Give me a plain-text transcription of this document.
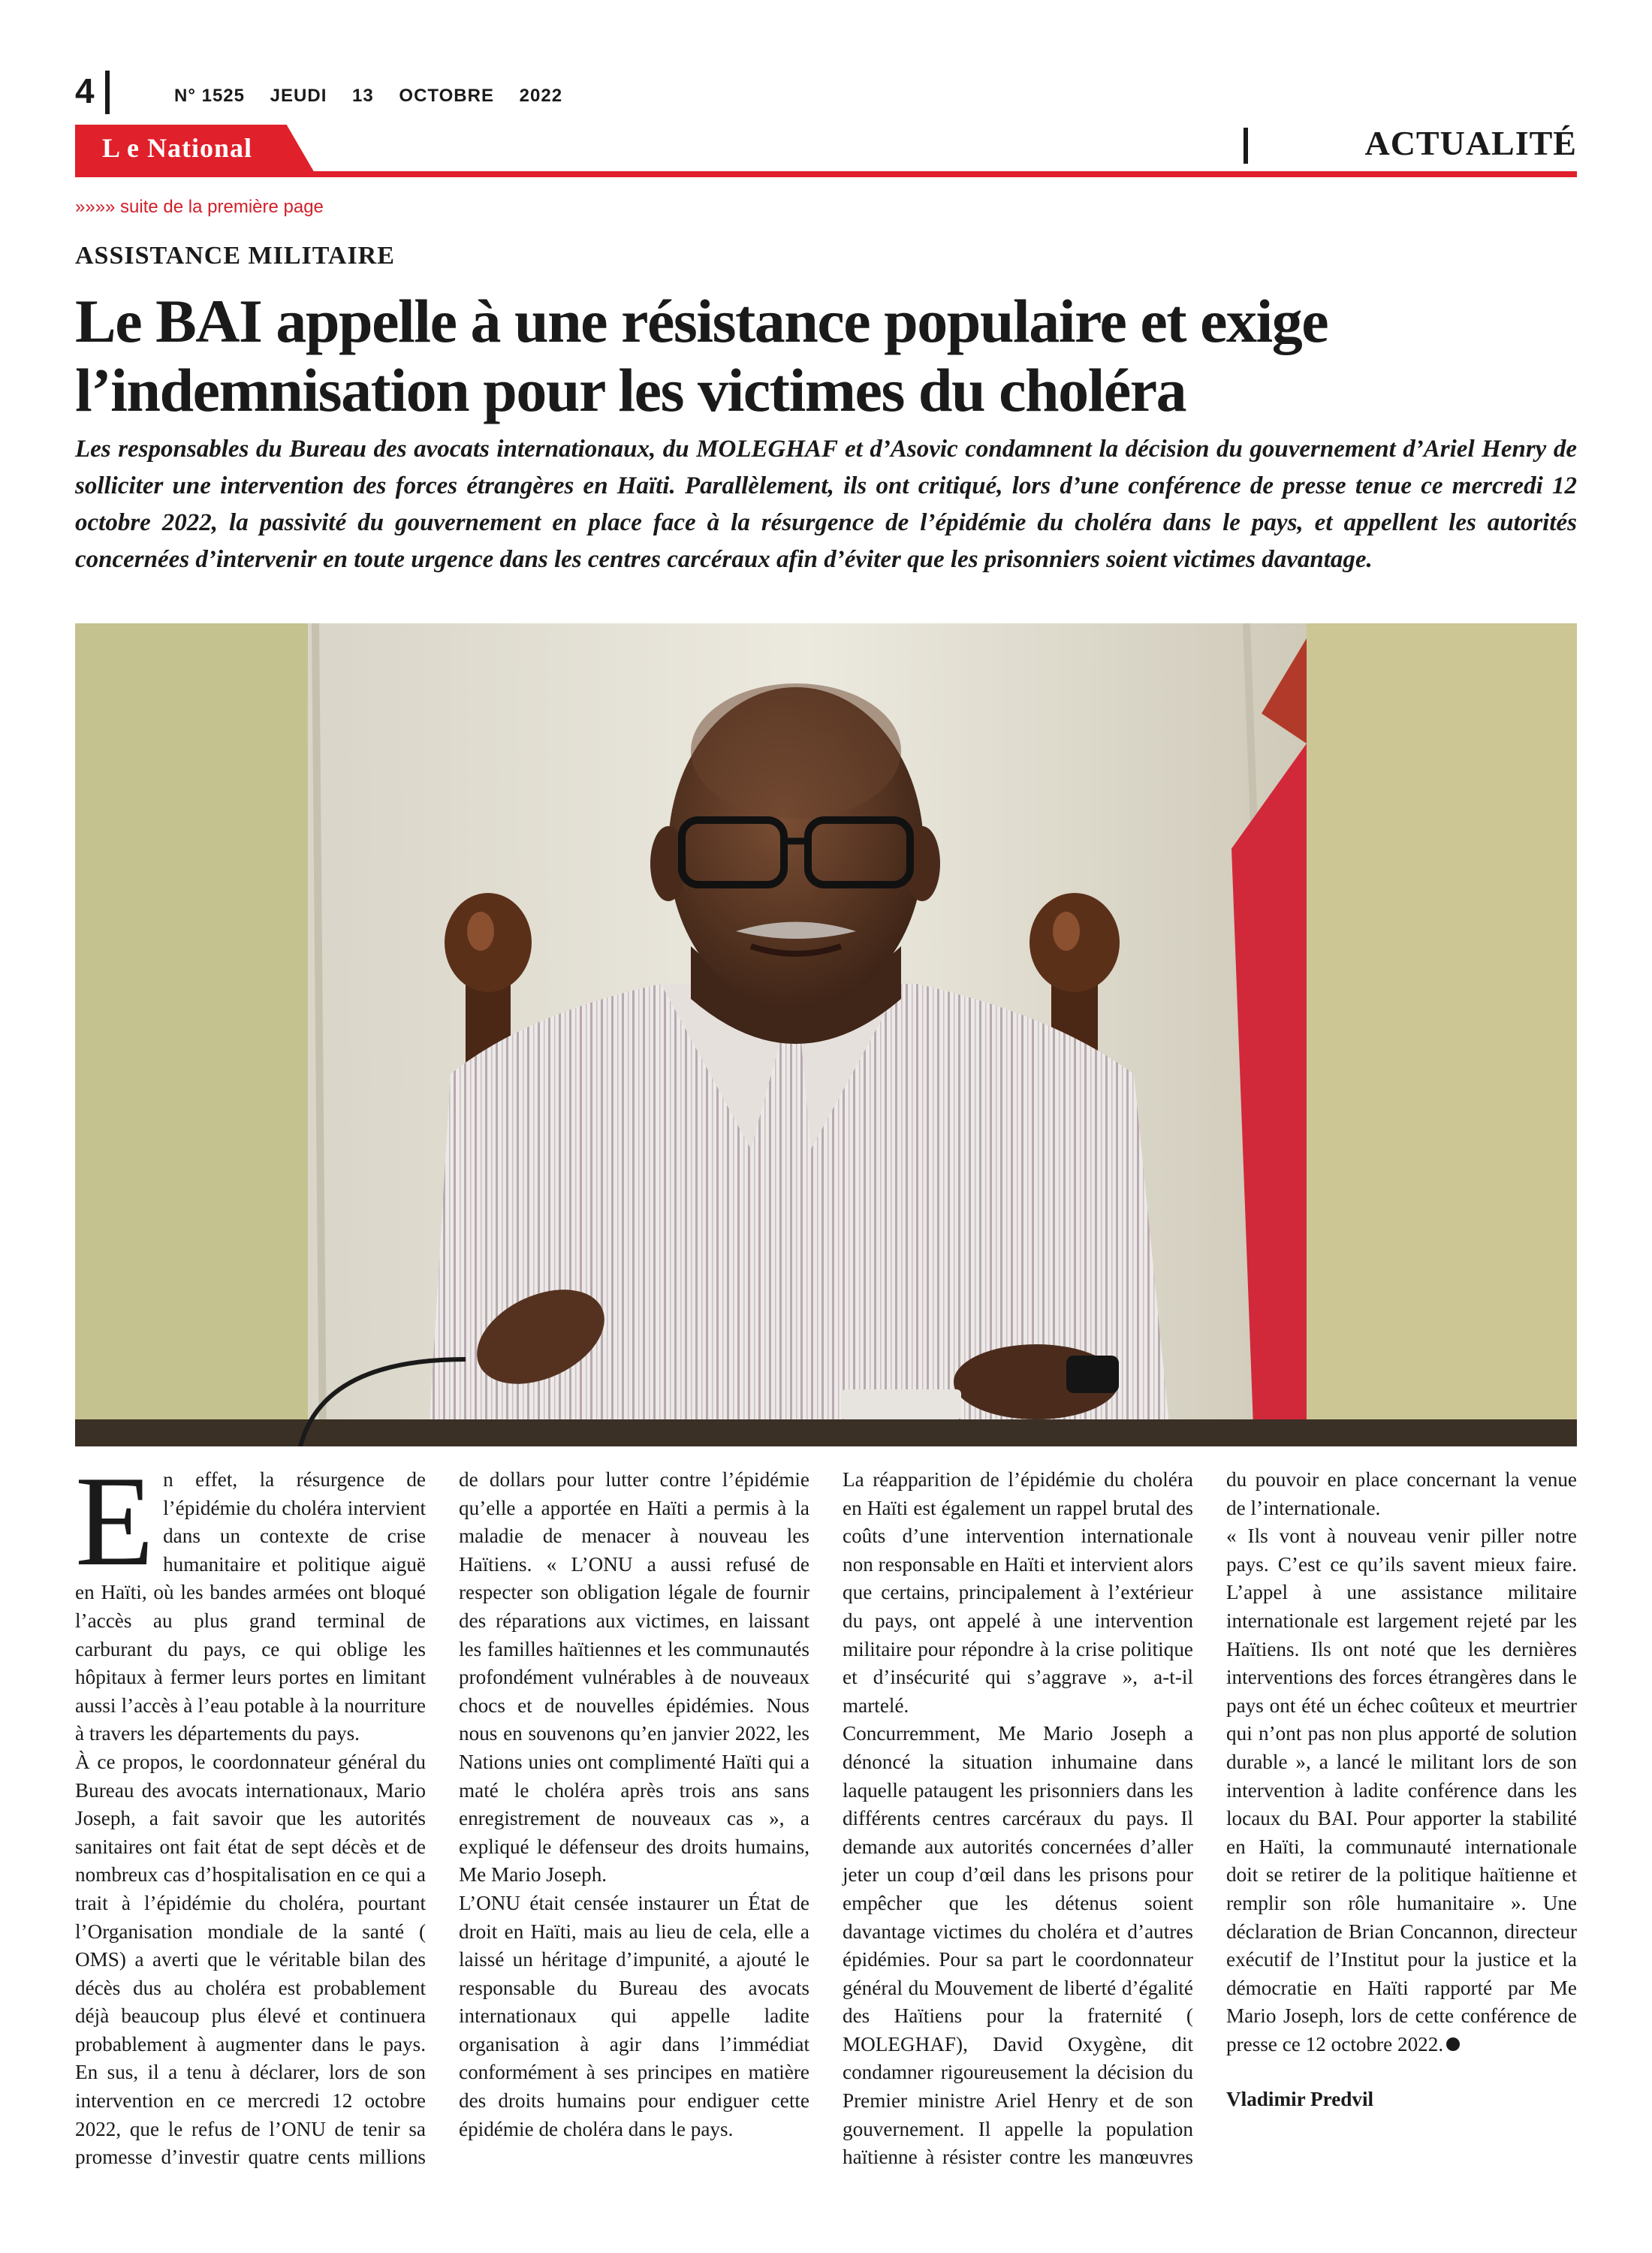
4	N° 1525 JEUDI 13 OCTOBRE 2022
L e National	ACTUALITÉ
»»»» suite de la première page
ASSISTANCE MILITAIRE
Le BAI appelle à une résistance populaire et exige
l’indemnisation pour les victimes du choléra

Les responsables du Bureau des avocats internationaux, du MOLEGHAF et d’Asovic condamnent la décision du gouvernement d’Ariel Henry de solliciter une intervention des forces étrangères en Haïti. Parallèlement, ils ont critiqué, lors d’une conférence de presse tenue ce mercredi 12 octobre 2022, la passivité du gouvernement en place face à la résurgence de l’épidémie du choléra dans le pays, et appellent les autorités concernées d’intervenir en toute urgence dans les centres carcéraux afin d’éviter que les prisonniers soient victimes davantage.

En effet, la résurgence de l’épidémie du choléra intervient dans un contexte de crise humanitaire et politique aiguë en Haïti, où les bandes armées ont bloqué l’accès au plus grand terminal de carburant du pays, ce qui oblige les hôpitaux à fermer leurs portes en limitant aussi l’accès à l’eau potable à la nourriture à travers les départements du pays.

À ce propos, le coordonnateur général du Bureau des avocats internationaux, Mario Joseph, a fait savoir que les autorités sanitaires ont fait état de sept décès et de nombreux cas d’hospitalisation en ce qui a trait à l’épidémie du choléra, pourtant l’Organisation mondiale de la santé ( OMS) a averti que le véritable bilan des décès dus au choléra est probablement déjà beaucoup plus élevé et continuera probablement à augmenter dans le pays. En sus, il a tenu à déclarer, lors de son intervention en ce mercredi 12 octobre 2022, que le refus de l’ONU de tenir sa promesse d’investir quatre cents millions de dollars pour lutter contre l’épidémie qu’elle a apportée en Haïti a permis à la maladie de menacer à nouveau les Haïtiens. « L’ONU a aussi refusé de respecter son obligation légale de fournir des réparations aux victimes, en laissant les familles haïtiennes et les communautés profondément vulnérables à de nouveaux chocs et de nouvelles épidémies. Nous nous en souvenons qu’en janvier 2022, les Nations unies ont complimenté Haïti qui a maté le choléra après trois ans sans enregistrement de nouveaux cas », a expliqué le défenseur des droits humains, Me Mario Joseph.

L’ONU était censée instaurer un État de droit en Haïti, mais au lieu de cela, elle a laissé un héritage d’impunité, a ajouté le responsable du Bureau des avocats internationaux qui appelle ladite organisation à agir dans l’immédiat conformément à ses principes en matière des droits humains pour endiguer cette épidémie de choléra dans le pays.

La réapparition de l’épidémie du choléra en Haïti est également un rappel brutal des coûts d’une intervention internationale non responsable en Haïti et intervient alors que certains, principalement à l’extérieur du pays, ont appelé à une intervention militaire pour répondre à la crise politique et d’insécurité qui s’aggrave », a-t-il martelé.

Concurremment, Me Mario Joseph a dénoncé la situation inhumaine dans laquelle pataugent les prisonniers dans les différents centres carcéraux du pays. Il demande aux autorités concernées d’aller jeter un coup d’œil dans les prisons pour empêcher que les détenus soient davantage victimes du choléra et d’autres épidémies. Pour sa part le coordonnateur général du Mouvement de liberté d’égalité des Haïtiens pour la fraternité ( MOLEGHAF), David Oxygène, dit condamner rigoureusement la décision du Premier ministre Ariel Henry et de son gouvernement. Il appelle la population haïtienne à résister contre les manœuvres du pouvoir en place concernant la venue de l’internationale.

« Ils vont à nouveau venir piller notre pays. C’est ce qu’ils savent mieux faire. L’appel à une assistance militaire internationale est largement rejeté par les Haïtiens. Ils ont noté que les dernières interventions des forces étrangères dans le pays ont été un échec coûteux et meurtrier qui n’ont pas non plus apporté de solution durable », a lancé le militant lors de son intervention à ladite conférence dans les locaux du BAI. Pour apporter la stabilité en Haïti, la communauté internationale doit se retirer de la politique haïtienne et remplir son rôle humanitaire ». Une déclaration de Brian Concannon, directeur exécutif de l’Institut pour la justice et la démocratie en Haïti rapporté par Me Mario Joseph, lors de cette conférence de presse ce 12 octobre 2022.

Vladimir Predvil
